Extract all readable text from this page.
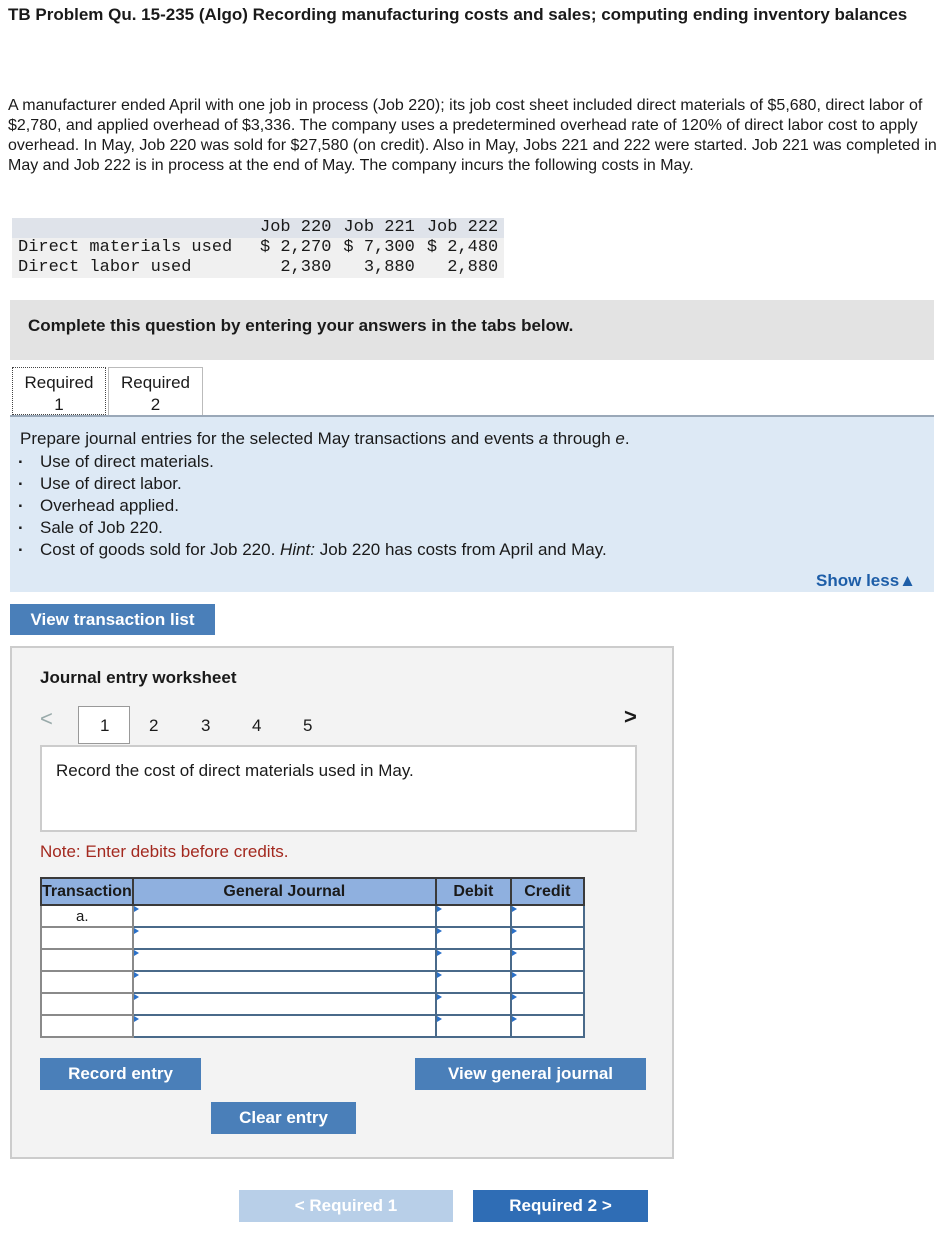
TB Problem Qu. 15-235 (Algo) Recording manufacturing costs and sales; computing ending inventory balances
A manufacturer ended April with one job in process (Job 220); its job cost sheet included direct materials of $5,680, direct labor of $2,780, and applied overhead of $3,336. The company uses a predetermined overhead rate of 120% of direct labor cost to apply overhead. In May, Job 220 was sold for $27,580 (on credit). Also in May, Jobs 221 and 222 were started. Job 221 was completed in May and Job 222 is in process at the end of May. The company incurs the following costs in May.
	Job 220	Job 221	Job 222
Direct materials used	$ 2,270	$ 7,300	$ 2,480
Direct labor used	2,380	3,880	2,880
Complete this question by entering your answers in the tabs below.
Required
1
Required
2
Prepare journal entries for the selected May transactions and events a through e.
. Use of direct materials.
. Use of direct labor.
. Overhead applied.
. Sale of Job 220.
. Cost of goods sold for Job 220. Hint: Job 220 has costs from April and May.
Show less▲
View transaction list
Journal entry worksheet
<	1 2	3 4 5	>
Record the cost of direct materials used in May.
Note: Enter debits before credits.
Transaction	General Journal	Debit	Credit
a.			

Record entry	View general journal
Clear entry
< Required 1	Required 2 >
